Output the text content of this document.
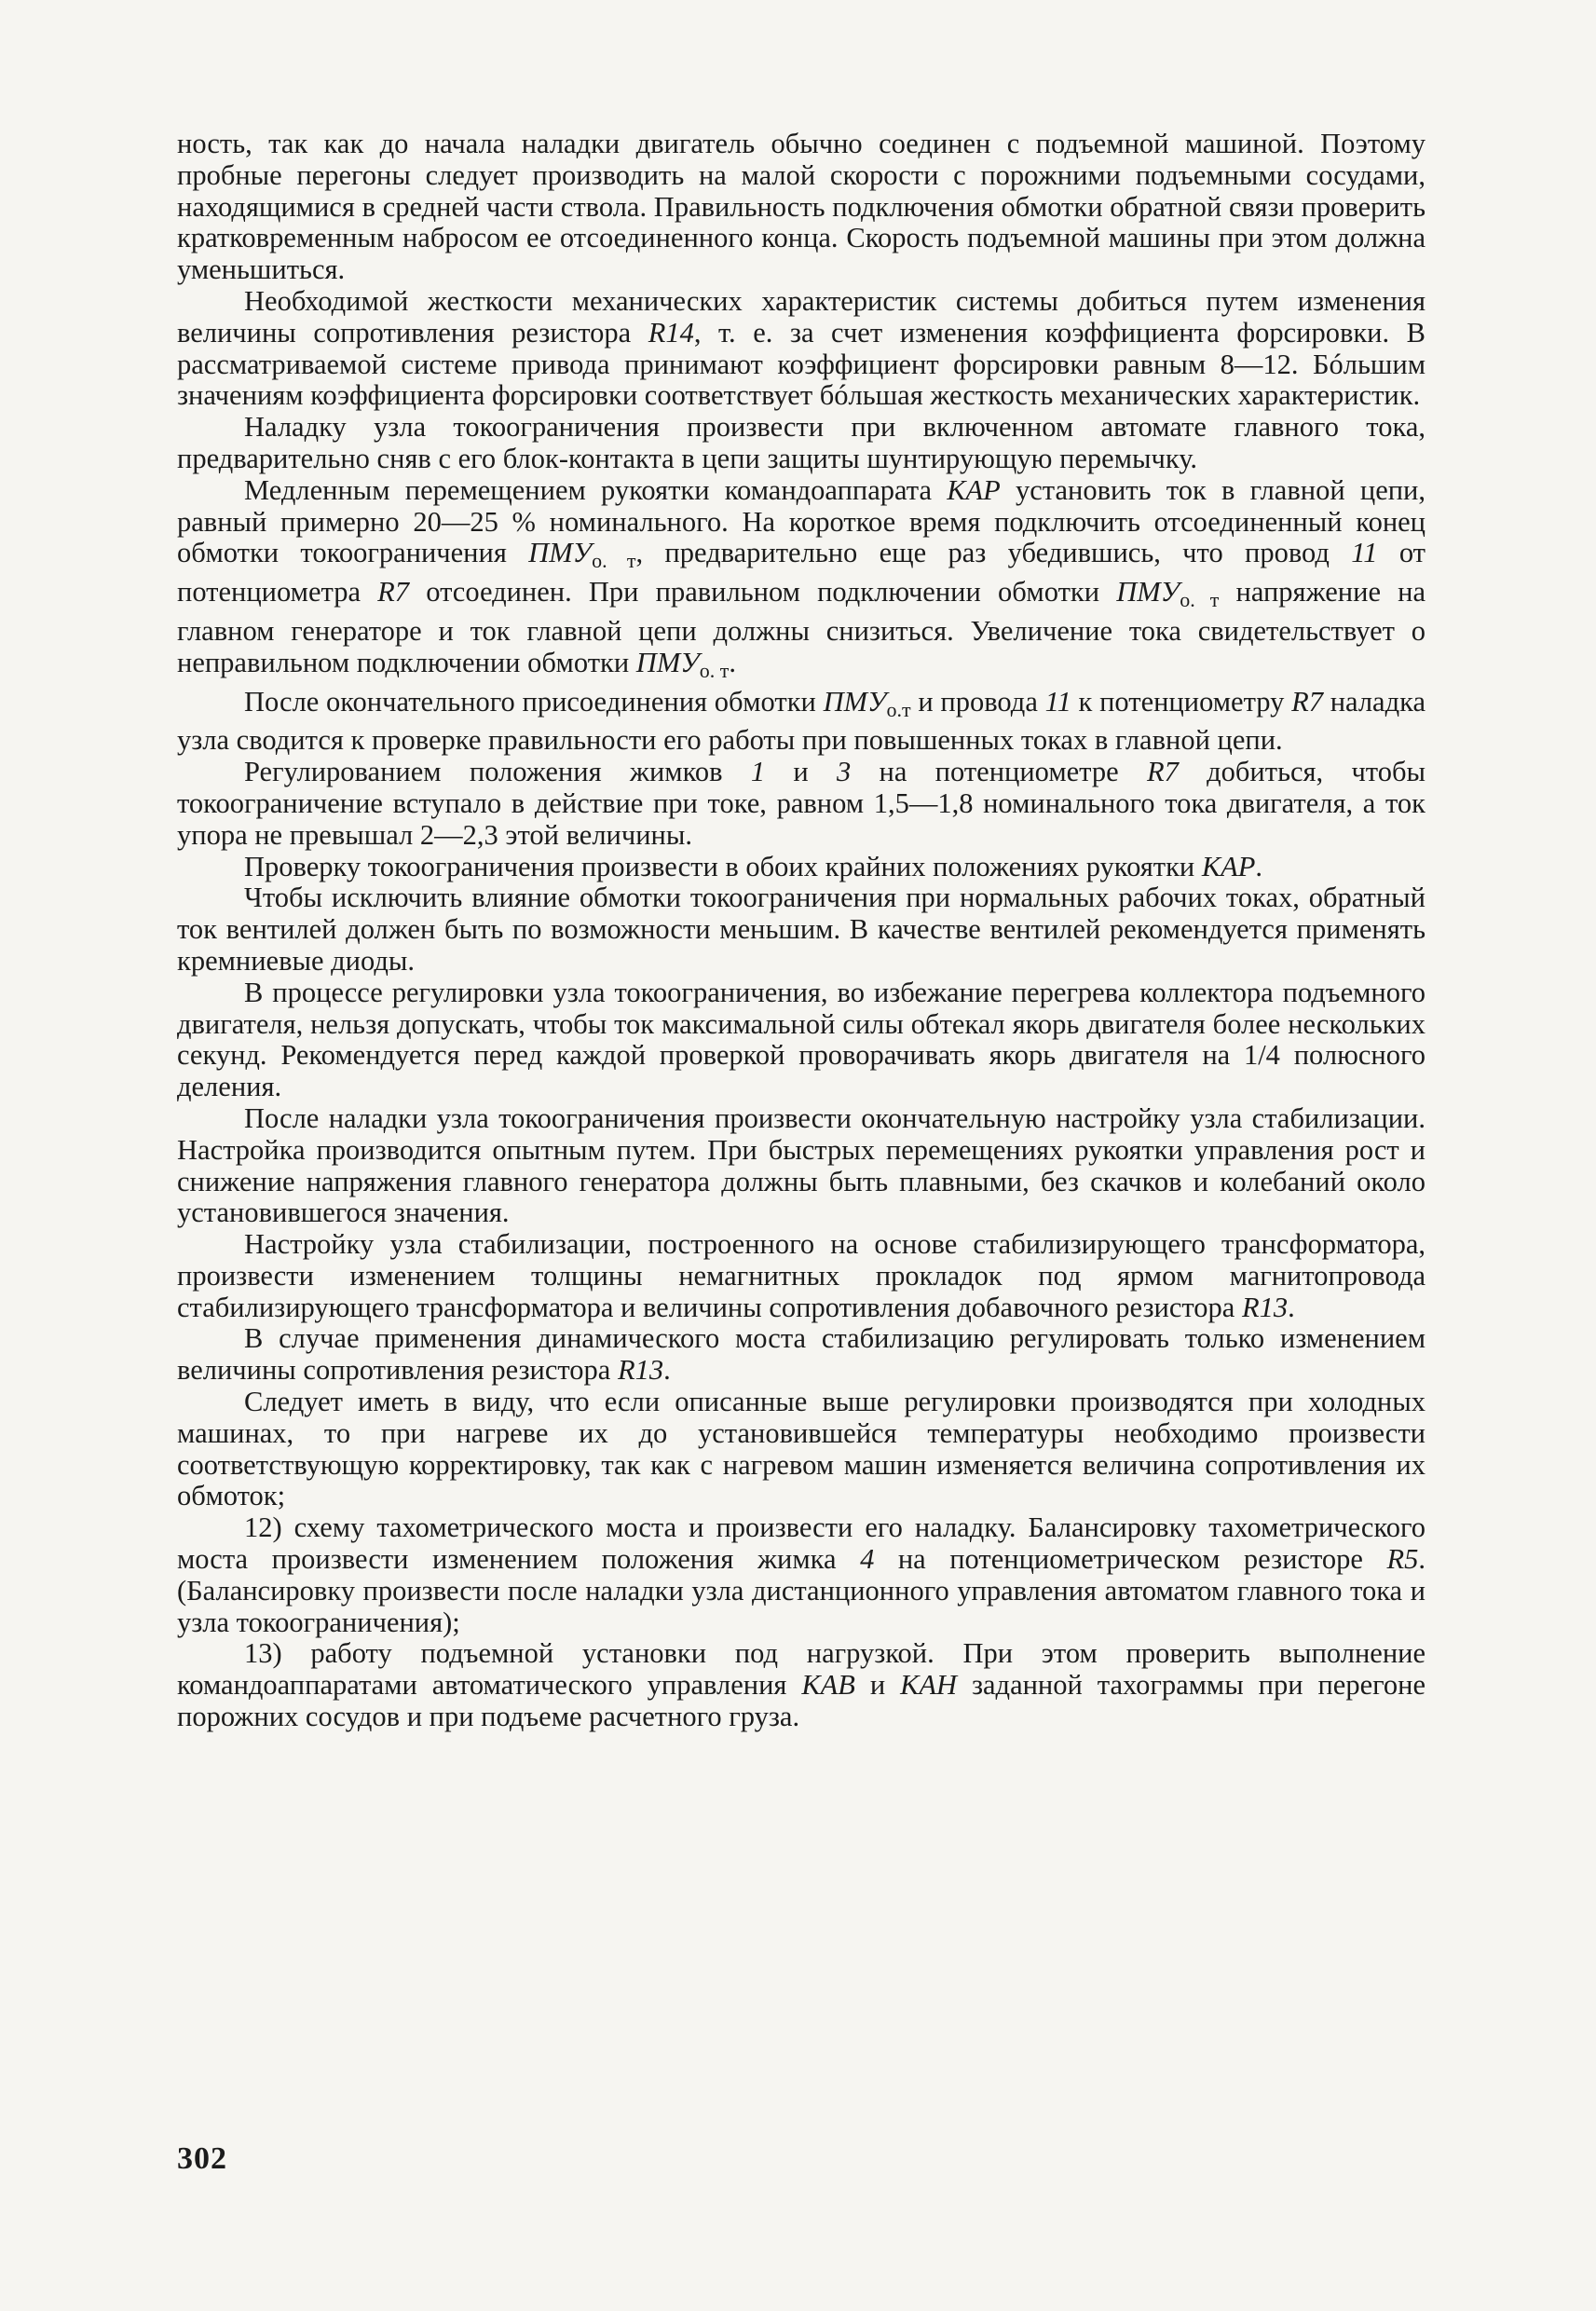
ность, так как до начала наладки двигатель обычно соединен с подъемной машиной. Поэтому пробные перегоны следует производить на малой скорости с порожними подъемными сосудами, находящимися в средней части ствола. Правильность подключения обмотки обратной связи проверить кратковременным набросом ее отсоединенного конца. Скорость подъемной машины при этом должна уменьшиться.

Необходимой жесткости механических характеристик системы добиться путем изменения величины сопротивления резистора R14, т. е. за счет изменения коэффициента форсировки. В рассматриваемой системе привода принимают коэффициент форсировки равным 8—12. Бóльшим значениям коэффициента форсировки соответствует бóльшая жесткость механических характеристик.

Наладку узла токоограничения произвести при включенном автомате главного тока, предварительно сняв с его блок-контакта в цепи защиты шунтирующую перемычку.

Медленным перемещением рукоятки командоаппарата КАР установить ток в главной цепи, равный примерно 20—25 % номинального. На короткое время подключить отсоединенный конец обмотки токоограничения $ПМУ_{о. т}$, предварительно еще раз убедившись, что провод 11 от потенциометра R7 отсоединен. При правильном подключении обмотки $ПМУ_{о. т}$ напряжение на главном генераторе и ток главной цепи должны снизиться. Увеличение тока свидетельствует о неправильном подключении обмотки $ПМУ_{о. т}$.

После окончательного присоединения обмотки $ПМУ_{о.т}$ и провода 11 к потенциометру R7 наладка узла сводится к проверке правильности его работы при повышенных токах в главной цепи.

Регулированием положения жимков 1 и 3 на потенциометре R7 добиться, чтобы токоограничение вступало в действие при токе, равном 1,5—1,8 номинального тока двигателя, а ток упора не превышал 2—2,3 этой величины.

Проверку токоограничения произвести в обоих крайних положениях рукоятки КАР.

Чтобы исключить влияние обмотки токоограничения при нормальных рабочих токах, обратный ток вентилей должен быть по возможности меньшим. В качестве вентилей рекомендуется применять кремниевые диоды.

В процессе регулировки узла токоограничения, во избежание перегрева коллектора подъемного двигателя, нельзя допускать, чтобы ток максимальной силы обтекал якорь двигателя более нескольких секунд. Рекомендуется перед каждой проверкой проворачивать якорь двигателя на 1/4 полюсного деления.

После наладки узла токоограничения произвести окончательную настройку узла стабилизации. Настройка производится опытным путем. При быстрых перемещениях рукоятки управления рост и снижение напряжения главного генератора должны быть плавными, без скачков и колебаний около установившегося значения.

Настройку узла стабилизации, построенного на основе стабилизирующего трансформатора, произвести изменением толщины немагнитных прокладок под ярмом магнитопровода стабилизирующего трансформатора и величины сопротивления добавочного резистора R13.

В случае применения динамического моста стабилизацию регулировать только изменением величины сопротивления резистора R13.

Следует иметь в виду, что если описанные выше регулировки производятся при холодных машинах, то при нагреве их до установившейся температуры необходимо произвести соответствующую корректировку, так как с нагревом машин изменяется величина сопротивления их обмоток;

12) схему тахометрического моста и произвести его наладку. Балансировку тахометрического моста произвести изменением положения жимка 4 на потенциометрическом резисторе R5. (Балансировку произвести после наладки узла дистанционного управления автоматом главного тока и узла токоограничения);

13) работу подъемной установки под нагрузкой. При этом проверить выполнение командоаппаратами автоматического управления КАВ и КАН заданной тахограммы при перегоне порожних сосудов и при подъеме расчетного груза.

302
